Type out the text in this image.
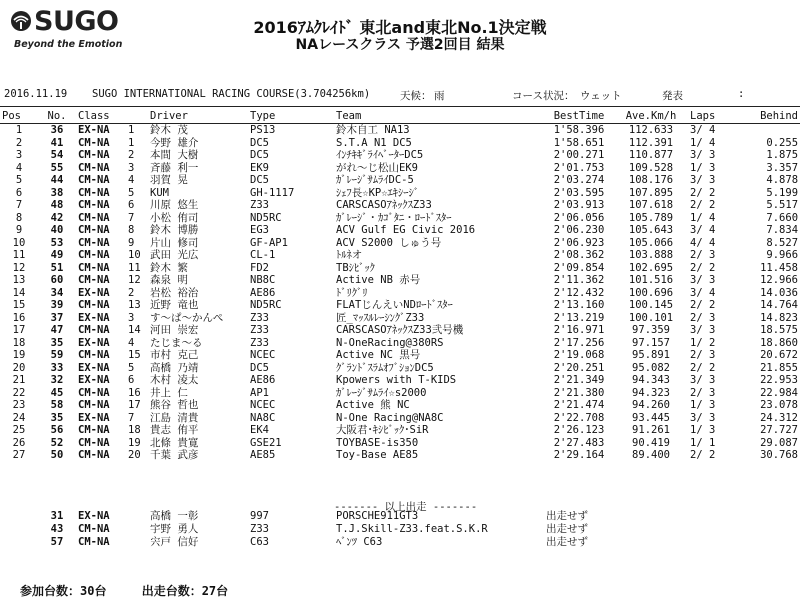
SUGO
Beyond the Emotion
2016ｱﾑｸﾚｲﾄﾞ 東北and東北No.1決定戦
NAレースクラス 予選2回目 結果
2016.11.19 SUGO INTERNATIONAL RACING COURSE(3.704256km)	天候： 雨	コース状況： ウェット	発表	:
Pos	No.	Class		Driver	Type	Team	BestTime	Ave.Km/h	Laps	Behind
1	36	EX-NA	1	鈴木 茂	PS13	鈴木自工 NA13	1'58.396	112.633	3/ 4	
2	41	CM-NA	1	今野 雄介	DC5	S.T.A N1 DC5	1'58.651	112.391	1/ 4	0.255
3	54	CM-NA	2	本間 大樹	DC5	ｲﾝﾁｷｷﾞﾗｲﾍﾞｰﾀｰDC5	2'00.271	110.877	3/ 3	1.875
4	55	CM-NA	3	斉藤 利一	EK9	がれ～じ松山EK9	2'01.753	109.528	1/ 3	3.357
5	44	CM-NA	4	羽賀 晃	DC5	ｶﾞﾚｰｼﾞｻﾑﾗｲDC-5	2'03.274	108.176	3/ 3	4.878
6	38	CM-NA	5	KUM	GH-1117	ｼｪﾌ長☆KP☆ｴｷｼｰｼﾞ	2'03.595	107.895	2/ 2	5.199
7	48	CM-NA	6	川原 悠生	Z33	CARSCASOｱﾈｯｸｽZ33	2'03.913	107.618	2/ 2	5.517
8	42	CM-NA	7	小松 侑司	ND5RC	ｶﾞﾚｰｼﾞ・ｶｺﾞﾀﾆ・ﾛｰﾄﾞｽﾀｰ	2'06.056	105.789	1/ 4	7.660
9	40	CM-NA	8	鈴木 博勝	EG3	ACV Gulf EG Civic 2016	2'06.230	105.643	3/ 4	7.834
10	53	CM-NA	9	片山 修司	GF-AP1	ACV S2000 しゅう号	2'06.923	105.066	4/ 4	8.527
11	49	CM-NA	10	武田 光広	CL-1	ﾄﾙﾈオ	2'08.362	103.888	2/ 3	9.966
12	51	CM-NA	11	鈴木 繁	FD2	TBｼﾋﾞｯｸ	2'09.854	102.695	2/ 2	11.458
13	60	CM-NA	12	森泉 明	NB8C	Active NB 赤号	2'11.362	101.516	3/ 3	12.966
14	34	EX-NA	2	岩松 裕治	AE86	ﾄﾞﾘｸﾞﾘ	2'12.432	100.696	3/ 4	14.036
15	39	CM-NA	13	近野 竜也	ND5RC	FLATじんえいNDﾛｰﾄﾞｽﾀｰ	2'13.160	100.145	2/ 2	14.764
16	37	EX-NA	3	す～ぱ～かんぺ	Z33	匠_ﾏｯｽﾙﾚｰｼﾝｸﾞZ33	2'13.219	100.101	2/ 3	14.823
17	47	CM-NA	14	河田 崇宏	Z33	CARSCASOｱﾈｯｸｽZ33弐号機	2'16.971	97.359	3/ 3	18.575
18	35	EX-NA	4	たじま～る	Z33	N-OneRacing@380RS	2'17.256	97.157	1/ 2	18.860
19	59	CM-NA	15	市村 克己	NCEC	Active NC 黒号	2'19.068	95.891	2/ 3	20.672
20	33	EX-NA	5	高橋 乃靖	DC5	ｸﾞﾗﾝﾄﾞｽﾗﾑｵﾌﾞｼｮﾝDC5	2'20.251	95.082	2/ 2	21.855
21	32	EX-NA	6	木村 凌太	AE86	Kpowers with T-KIDS	2'21.349	94.343	3/ 3	22.953
22	45	CM-NA	16	井上 仁	AP1	ｶﾞﾚｰｼﾞｻﾑﾗｲ☆s2000	2'21.380	94.323	2/ 3	22.984
23	58	CM-NA	17	熊谷 哲也	NCEC	Active 熊 NC	2'21.474	94.260	1/ 3	23.078
24	35	EX-NA	7	江島 清貴	NA8C	N-One Racing@NA8C	2'22.708	93.445	3/ 3	24.312
25	56	CM-NA	18	貴志 侑平	EK4	大阪君･ｷｼﾋﾞｯｸ･SiR	2'26.123	91.261	1/ 3	27.727
26	52	CM-NA	19	北條 貴寛	GSE21	TOYBASE-is350	2'27.483	90.419	1/ 1	29.087
27	50	CM-NA	20	千葉 武彦	AE85	Toy-Base AE85	2'29.164	89.400	2/ 2	30.768
------- 以上出走 -------
	31	EX-NA	高橋 一彰	997	PORSCHE911GT3	出走せず
	43	CM-NA	宇野 勇人	Z33	T.J.Skill-Z33.feat.S.K.R	出走せず
	57	CM-NA	宍戸 信好	C63	ﾍﾞﾝﾂ C63	出走せず
参加台数：30台	出走台数：27台
